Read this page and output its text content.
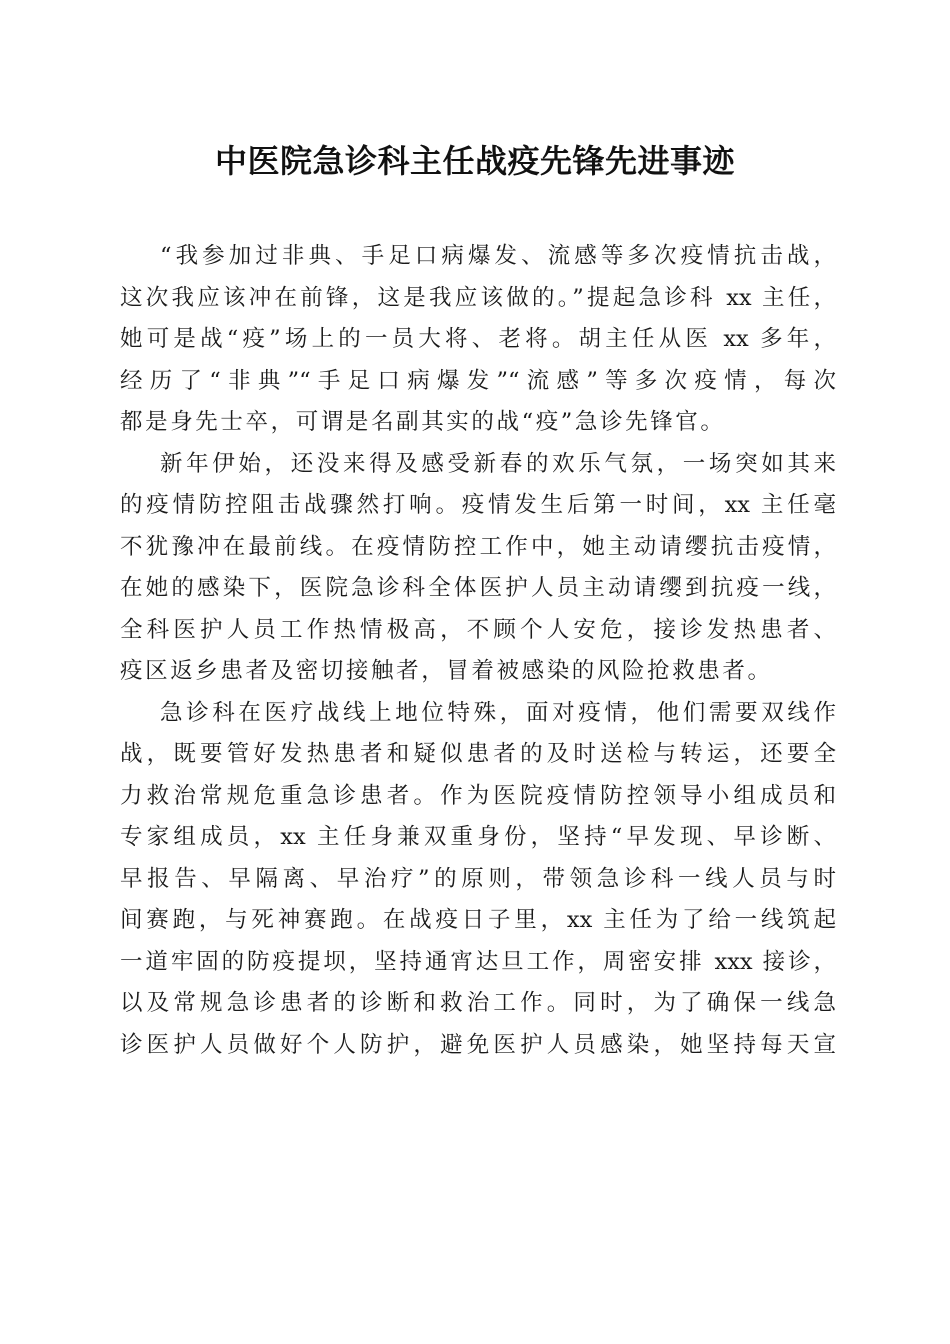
中医院急诊科主任战疫先锋先进事迹
“我参加过非典、手足口病爆发、流感等多次疫情抗击战，
这次我应该冲在前锋，这是我应该做的。”提起急诊科 xx 主任，
她可是战“疫”场上的一员大将、老将。胡主任从医 xx 多年，
经历了“非典”“手足口病爆发”“流感”等多次疫情，每次
都是身先士卒，可谓是名副其实的战“疫”急诊先锋官。
新年伊始，还没来得及感受新春的欢乐气氛，一场突如其来
的疫情防控阻击战骤然打响。疫情发生后第一时间，xx 主任毫
不犹豫冲在最前线。在疫情防控工作中，她主动请缨抗击疫情，
在她的感染下，医院急诊科全体医护人员主动请缨到抗疫一线，
全科医护人员工作热情极高，不顾个人安危，接诊发热患者、
疫区返乡患者及密切接触者，冒着被感染的风险抢救患者。
急诊科在医疗战线上地位特殊，面对疫情，他们需要双线作
战，既要管好发热患者和疑似患者的及时送检与转运，还要全
力救治常规危重急诊患者。作为医院疫情防控领导小组成员和
专家组成员，xx 主任身兼双重身份，坚持“早发现、早诊断、
早报告、早隔离、早治疗”的原则，带领急诊科一线人员与时
间赛跑，与死神赛跑。在战疫日子里，xx 主任为了给一线筑起
一道牢固的防疫提坝，坚持通宵达旦工作，周密安排 xxx 接诊，
以及常规急诊患者的诊断和救治工作。同时，为了确保一线急
诊医护人员做好个人防护，避免医护人员感染，她坚持每天宣
